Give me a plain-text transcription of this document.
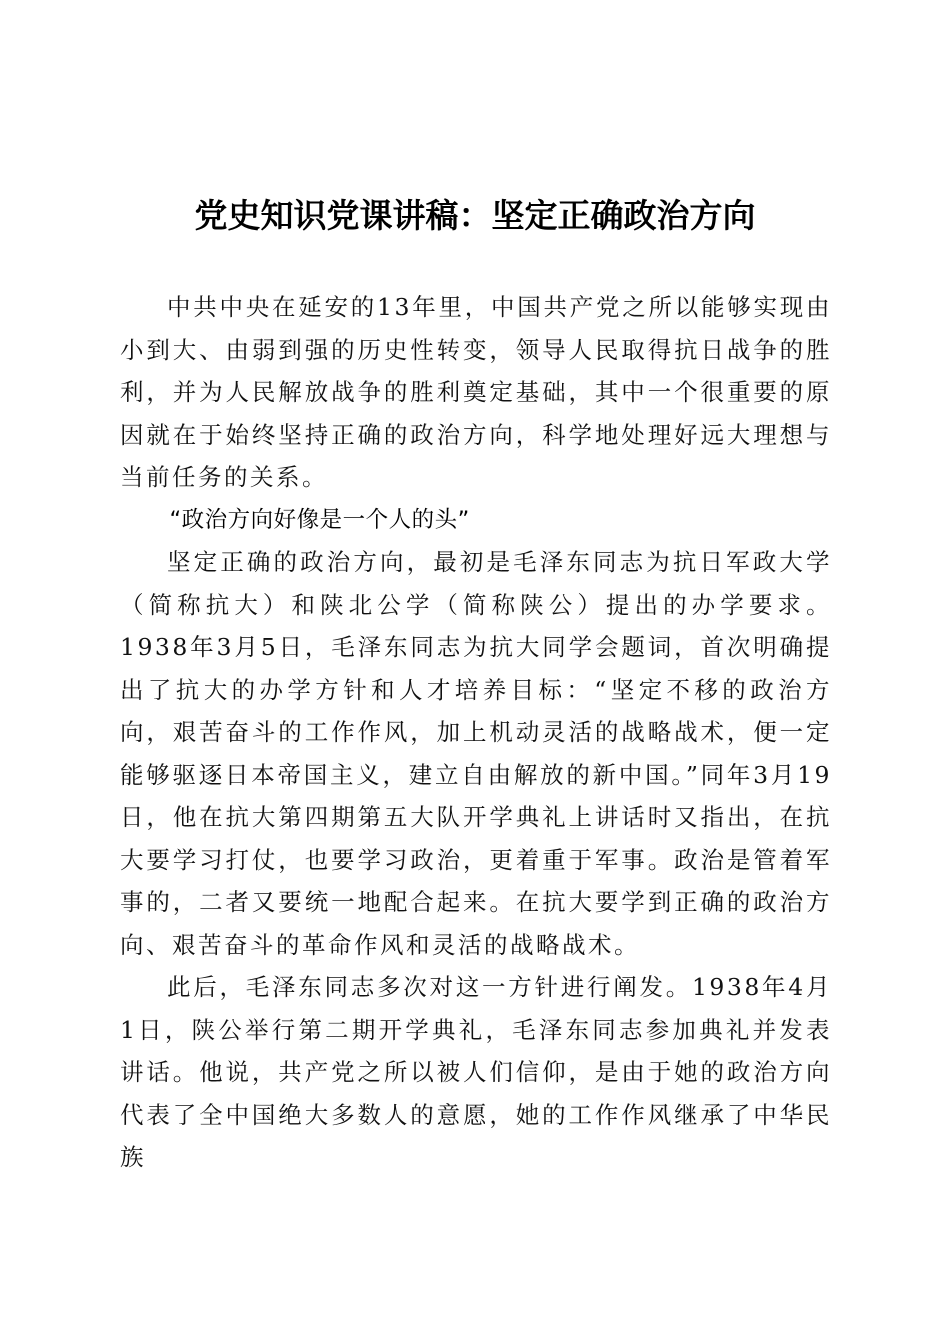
党史知识党课讲稿：坚定正确政治方向

中共中央在延安的13年里，中国共产党之所以能够实现由小到大、由弱到强的历史性转变，领导人民取得抗日战争的胜利，并为人民解放战争的胜利奠定基础，其中一个很重要的原因就在于始终坚持正确的政治方向，科学地处理好远大理想与当前任务的关系。

“政治方向好像是一个人的头”

坚定正确的政治方向，最初是毛泽东同志为抗日军政大学（简称抗大）和陕北公学（简称陕公）提出的办学要求。1938年3月5日，毛泽东同志为抗大同学会题词，首次明确提出了抗大的办学方针和人才培养目标：“坚定不移的政治方向，艰苦奋斗的工作作风，加上机动灵活的战略战术，便一定能够驱逐日本帝国主义，建立自由解放的新中国。”同年3月19日，他在抗大第四期第五大队开学典礼上讲话时又指出，在抗大要学习打仗，也要学习政治，更着重于军事。政治是管着军事的，二者又要统一地配合起来。在抗大要学到正确的政治方向、艰苦奋斗的革命作风和灵活的战略战术。

此后，毛泽东同志多次对这一方针进行阐发。1938年4月1日，陕公举行第二期开学典礼，毛泽东同志参加典礼并发表讲话。他说，共产党之所以被人们信仰，是由于她的政治方向代表了全中国绝大多数人的意愿，她的工作作风继承了中华民族
